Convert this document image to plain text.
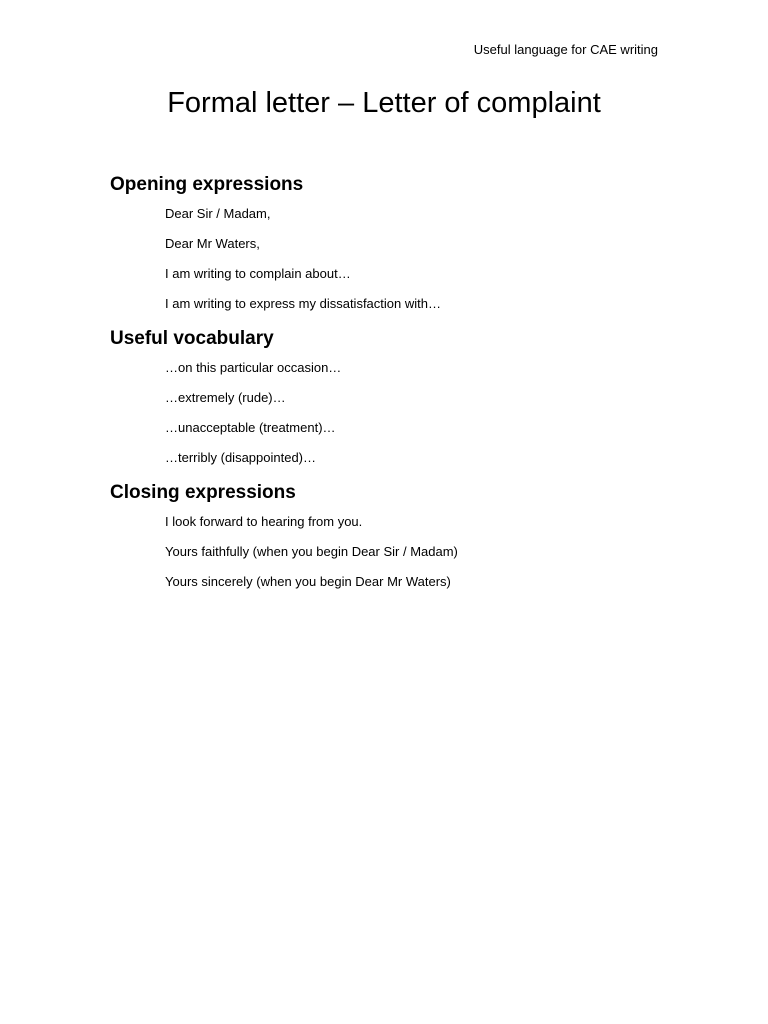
Useful language for CAE writing
Formal letter – Letter of complaint
Opening expressions
Dear Sir / Madam,
Dear Mr Waters,
I am writing to complain about…
I am writing to express my dissatisfaction with…
Useful vocabulary
…on this particular occasion…
…extremely (rude)…
…unacceptable (treatment)…
…terribly (disappointed)…
Closing expressions
I look forward to hearing from you.
Yours faithfully (when you begin Dear Sir / Madam)
Yours sincerely (when you begin Dear Mr Waters)
